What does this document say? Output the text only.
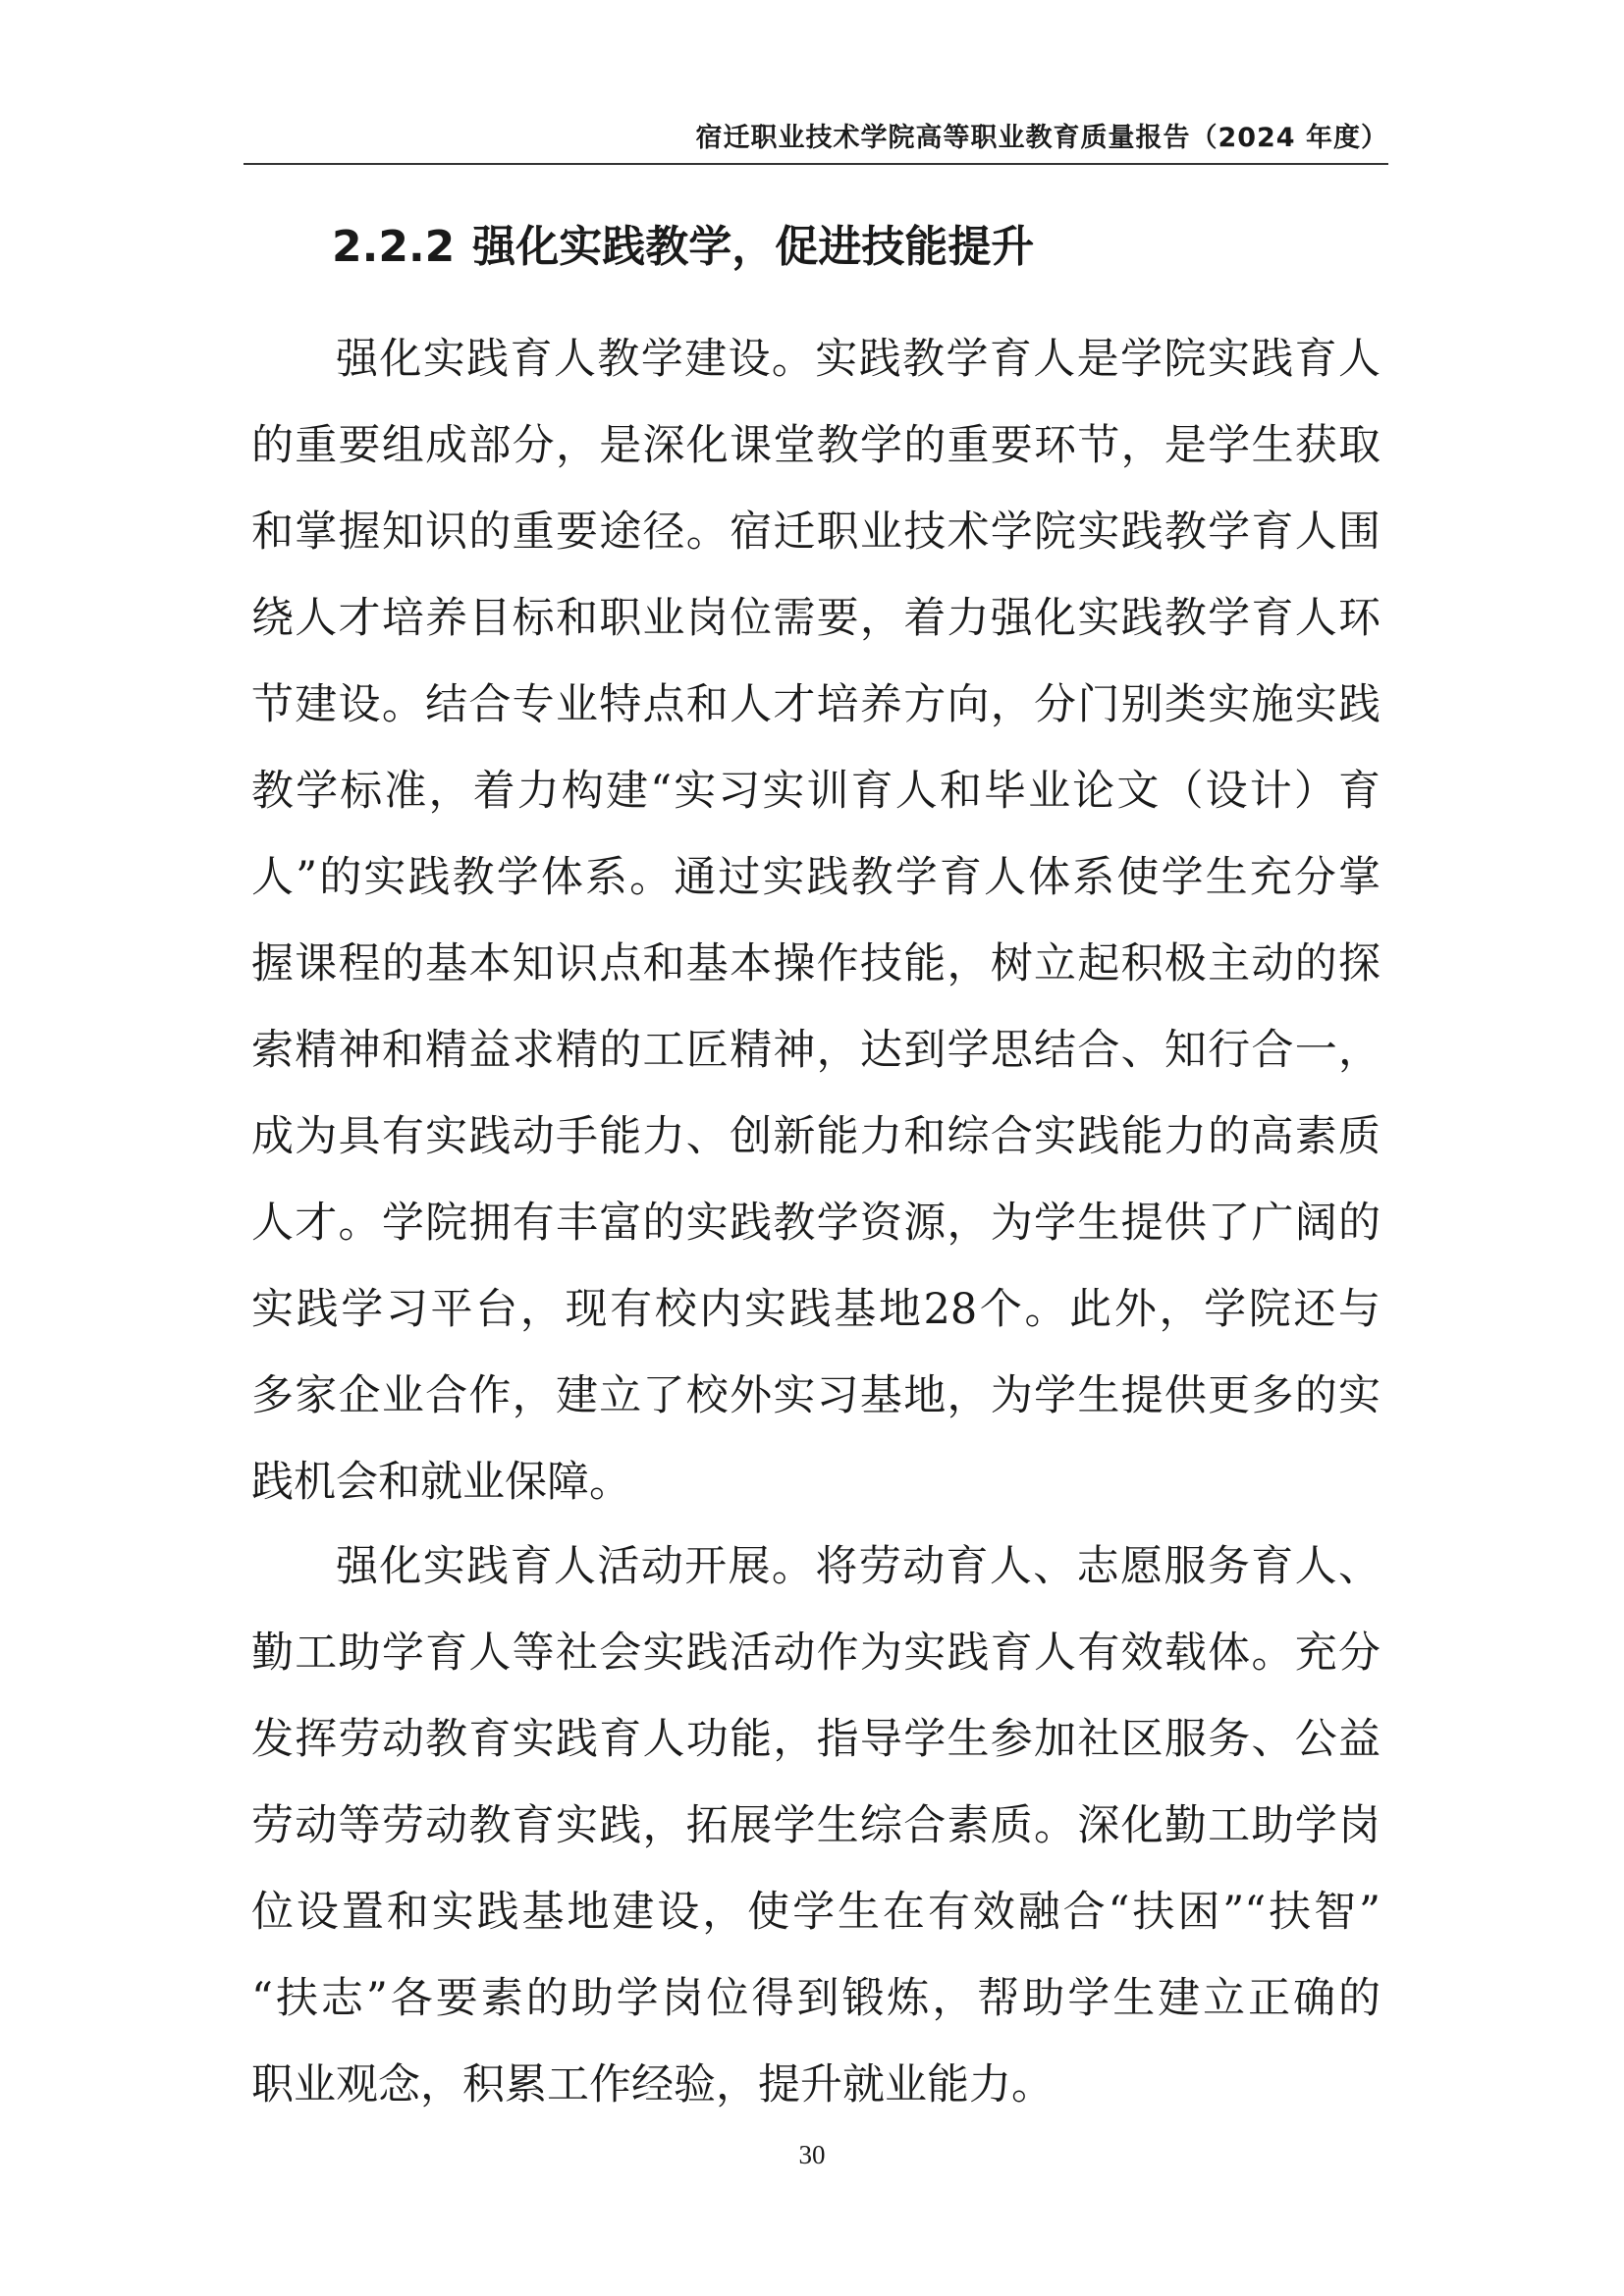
宿迁职业技术学院高等职业教育质量报告（2024 年度）
2.2.2 强化实践教学，促进技能提升
强化实践育人教学建设。实践教学育人是学院实践育人
的重要组成部分，是深化课堂教学的重要环节，是学生获取
和掌握知识的重要途径。宿迁职业技术学院实践教学育人围
绕人才培养目标和职业岗位需要，着力强化实践教学育人环
节建设。结合专业特点和人才培养方向，分门别类实施实践
教学标准，着力构建“实习实训育人和毕业论文（设计）育
人”的实践教学体系。通过实践教学育人体系使学生充分掌
握课程的基本知识点和基本操作技能，树立起积极主动的探
索精神和精益求精的工匠精神，达到学思结合、知行合一，
成为具有实践动手能力、创新能力和综合实践能力的高素质
人才。学院拥有丰富的实践教学资源，为学生提供了广阔的
实践学习平台，现有校内实践基地28个。此外，学院还与
多家企业合作，建立了校外实习基地，为学生提供更多的实
践机会和就业保障。
强化实践育人活动开展。将劳动育人、志愿服务育人、
勤工助学育人等社会实践活动作为实践育人有效载体。充分
发挥劳动教育实践育人功能，指导学生参加社区服务、公益
劳动等劳动教育实践，拓展学生综合素质。深化勤工助学岗
位设置和实践基地建设，使学生在有效融合“扶困”“扶智”
“扶志”各要素的助学岗位得到锻炼，帮助学生建立正确的
职业观念，积累工作经验，提升就业能力。
30
